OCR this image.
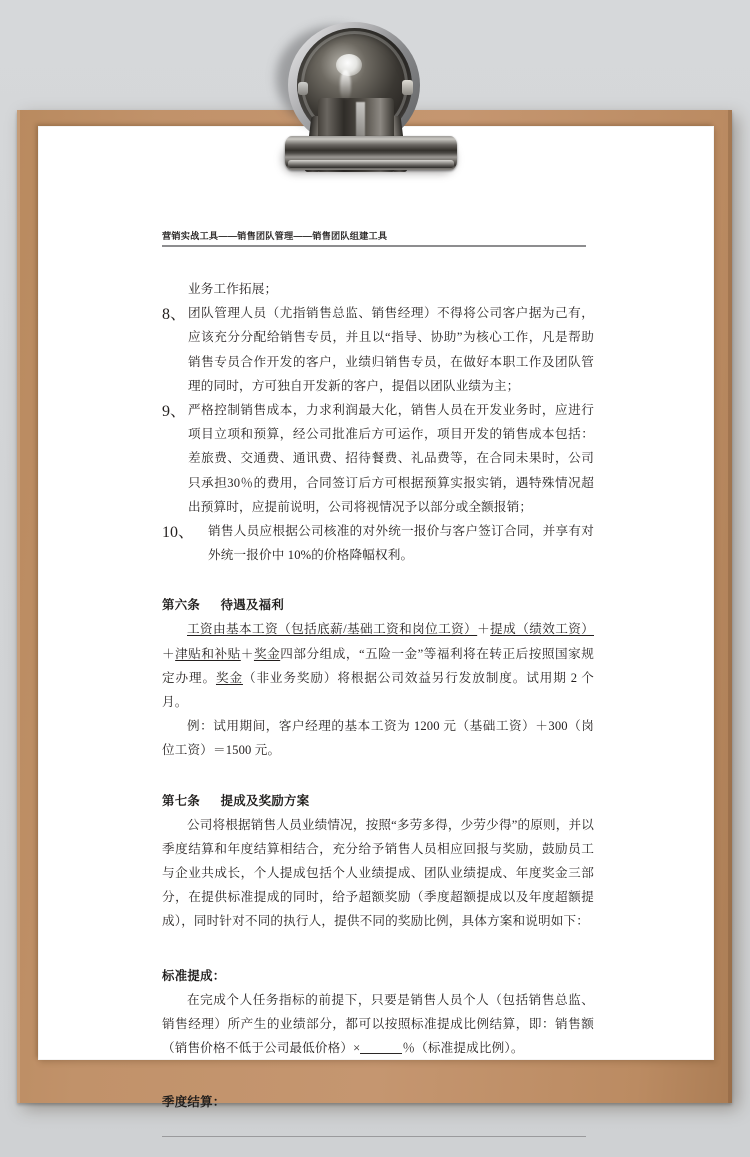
营销实战工具——销售团队管理——销售团队组建工具

业务工作拓展；

8、 团队管理人员（尤指销售总监、销售经理）不得将公司客户据为己有，应该充分分配给销售专员，并且以“指导、协助”为核心工作，凡是帮助销售专员合作开发的客户，业绩归销售专员，在做好本职工作及团队管理的同时，方可独自开发新的客户，提倡以团队业绩为主；

9、 严格控制销售成本，力求利润最大化，销售人员在开发业务时，应进行项目立项和预算，经公司批准后方可运作，项目开发的销售成本包括：差旅费、交通费、通讯费、招待餐费、礼品费等，在合同未果时，公司只承担30％的费用，合同签订后方可根据预算实报实销，遇特殊情况超出预算时，应提前说明，公司将视情况予以部分或全额报销；

10、	销售人员应根据公司核准的对外统一报价与客户签订合同，并享有对外统一报价中 10%的价格降幅权利。

第六条 待遇及福利

工资由基本工资（包括底薪/基础工资和岗位工资）＋提成（绩效工资）＋津贴和补贴＋奖金四部分组成，“五险一金”等福利将在转正后按照国家规定办理。奖金（非业务奖励）将根据公司效益另行发放制度。试用期 2 个月。

例：试用期间，客户经理的基本工资为 1200 元（基础工资）＋300（岗位工资）＝1500 元。

第七条 提成及奖励方案

公司将根据销售人员业绩情况，按照“多劳多得，少劳少得”的原则，并以季度结算和年度结算相结合，充分给予销售人员相应回报与奖励，鼓励员工与企业共成长，个人提成包括个人业绩提成、团队业绩提成、年度奖金三部分，在提供标准提成的同时，给予超额奖励（季度超额提成以及年度超额提成），同时针对不同的执行人，提供不同的奖励比例，具体方案和说明如下：

标准提成：

在完成个人任务指标的前提下，只要是销售人员个人（包括销售总监、销售经理）所产生的业绩部分，都可以按照标准提成比例结算，即：销售额（销售价格不低于公司最低价格）×	％（标准提成比例）。

季度结算：
